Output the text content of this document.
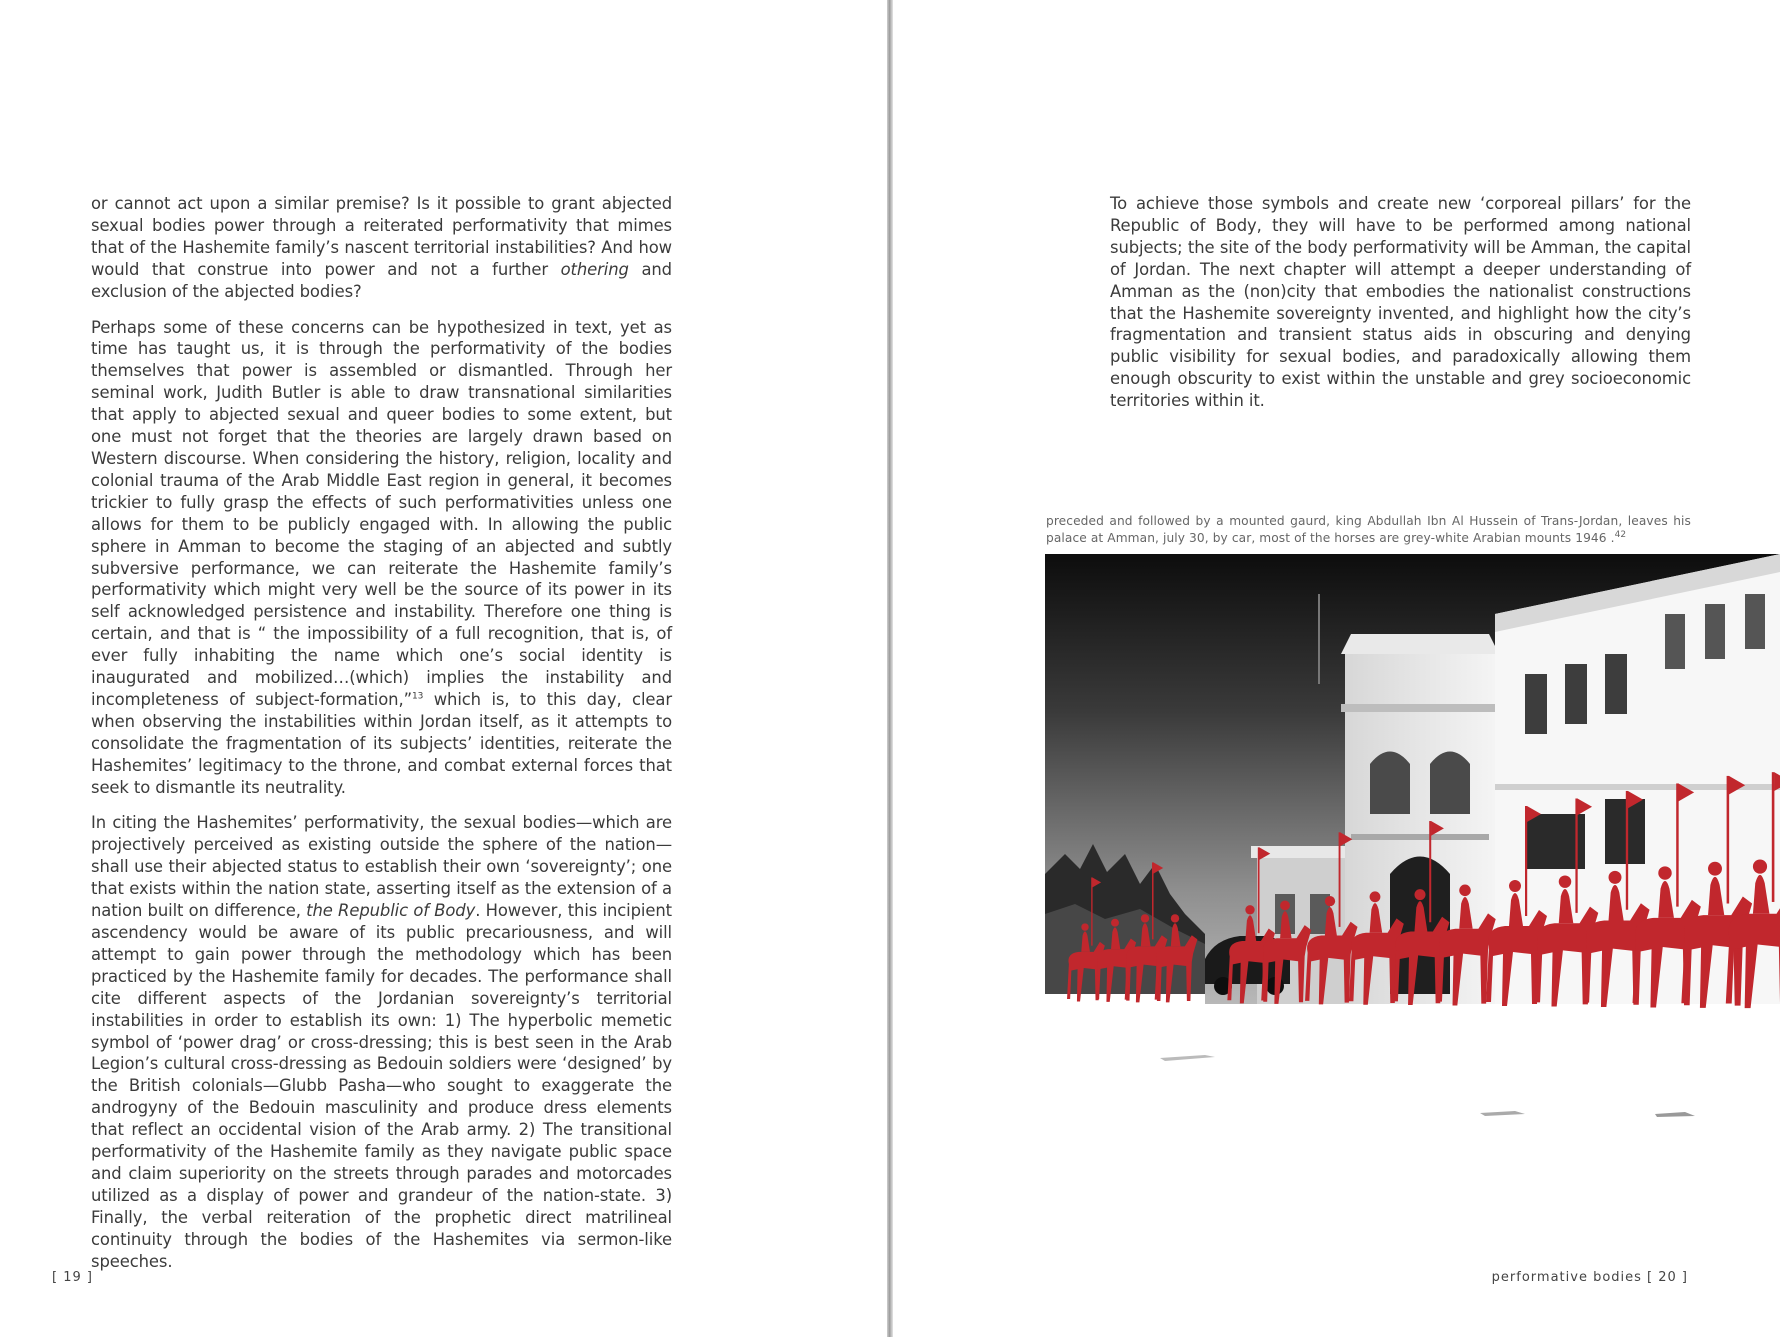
or cannot act upon a similar premise? Is it possible to grant abjected sexual bodies power through a reiterated performativity that mimes that of the Hashemite family’s nascent territorial instabilities? And how would that construe into power and not a further othering and exclusion of the abjected bodies?

Perhaps some of these concerns can be hypothesized in text, yet as time has taught us, it is through the performativity of the bodies themselves that power is assembled or dismantled. Through her seminal work, Judith Butler is able to draw transnational similarities that apply to abjected sexual and queer bodies to some extent, but one must not forget that the theories are largely drawn based on Western discourse. When considering the history, religion, locality and colonial trauma of the Arab Middle East region in general, it becomes trickier to fully grasp the effects of such performativities unless one allows for them to be publicly engaged with. In allowing the public sphere in Amman to become the staging of an abjected and subtly subversive performance, we can reiterate the Hashemite family’s performativity which might very well be the source of its power in its self acknowledged persistence and instability. Therefore one thing is certain, and that is “ the impossibility of a full recognition, that is, of ever fully inhabiting the name which one’s social identity is inaugurated and mobilized…(which) implies the instability and incompleteness of subject-formation,”$^{13}$ which is, to this day, clear when observing the instabilities within Jordan itself, as it attempts to consolidate the fragmentation of its subjects’ identities, reiterate the Hashemites’ legitimacy to the throne, and combat external forces that seek to dismantle its neutrality.

In citing the Hashemites’ performativity, the sexual bodies—which are projectively perceived as existing outside the sphere of the nation—shall use their abjected status to establish their own ‘sovereignty’; one that exists within the nation state, asserting itself as the extension of a nation built on difference, the Republic of Body. However, this incipient ascendency would be aware of its public precariousness, and will attempt to gain power through the methodology which has been practiced by the Hashemite family for decades. The performance shall cite different aspects of the Jordanian sovereignty’s territorial instabilities in order to establish its own: 1) The hyperbolic memetic symbol of ‘power drag’ or cross-dressing; this is best seen in the Arab Legion’s cultural cross-dressing as Bedouin soldiers were ‘designed’ by the British colonials—Glubb Pasha—who sought to exaggerate the androgyny of the Bedouin masculinity and produce dress elements that reflect an occidental vision of the Arab army. 2) The transitional performativity of the Hashemite family as they navigate public space and claim superiority on the streets through parades and motorcades utilized as a display of power and grandeur of the nation-state. 3) Finally, the verbal reiteration of the prophetic direct matrilineal continuity through the bodies of the Hashemites via sermon-like speeches.

[ 19 ]

To achieve those symbols and create new ‘corporeal pillars’ for the Republic of Body, they will have to be performed among national subjects; the site of the body performativity will be Amman, the capital of Jordan. The next chapter will attempt a deeper understanding of Amman as the (non)city that embodies the nationalist constructions that the Hashemite sovereignty invented, and highlight how the city’s fragmentation and transient status aids in obscuring and denying public visibility for sexual bodies, and paradoxically allowing them enough obscurity to exist within the unstable and grey socioeconomic territories within it.

preceded and followed by a mounted gaurd, king Abdullah Ibn Al Hussein of Trans-Jordan, leaves his palace at Amman, july 30, by car, most of the horses are grey-white Arabian mounts 1946 .$^{42}$
performative bodies [ 20 ]
